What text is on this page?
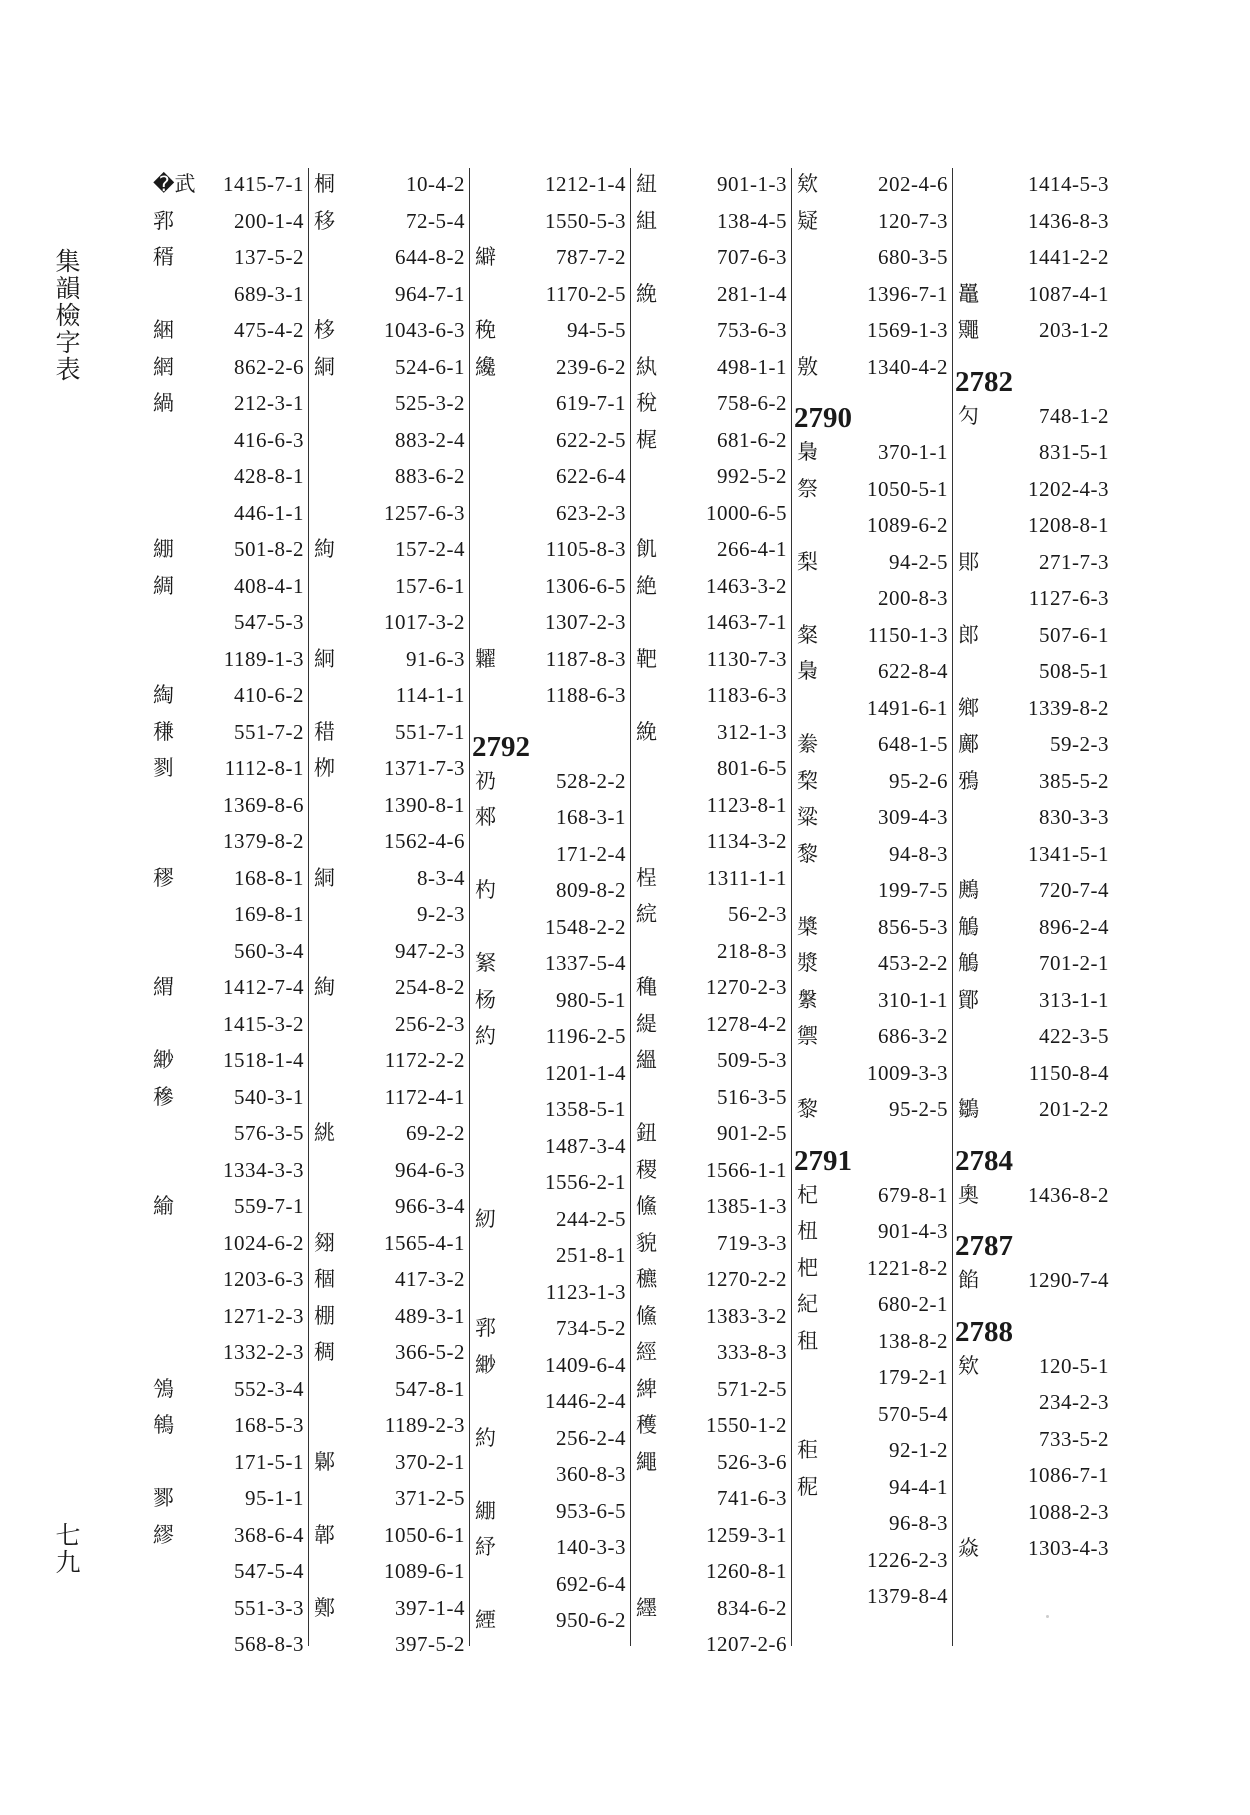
集
韻
檢
字
表
七
九
�武 1415-7-1
郛	200-1-4
稰	137-5-2
689-3-1
綑	475-4-2
網	862-2-6
緺	212-3-1
416-6-3
428-8-1
446-1-1
綳	501-8-2
綢	408-4-1
547-5-3
1189-1-3
綯	410-6-2
稴	551-7-2
剹 1112-8-1
1369-8-6
1379-8-2
穋	168-8-1
169-8-1
560-3-4
緭 1412-7-4
1415-3-2
緲 1518-1-4
穇	540-3-1
576-3-5
1334-3-3
緰	559-7-1
1024-6-2
1203-6-3
1271-2-3
1332-2-3
鳹	552-3-4
鴾	168-5-3
171-5-1
鄝	95-1-1
繆	368-6-4
547-5-4
551-3-3
568-8-3
桐	10-4-2
移	72-5-4
644-8-2
964-7-1
栘 1043-6-3
絧	524-6-1
525-3-2
883-2-4
883-6-2
1257-6-3
絇	157-2-4
157-6-1
1017-3-2
絅	91-6-3
114-1-1
稓	551-7-1
栁 1371-7-3
1390-8-1
1562-4-6
絧	8-3-4
9-2-3
947-2-3
絢	254-8-2
256-2-3
1172-2-2
1172-4-1
絩	69-2-2
964-6-3
966-3-4
翗 1565-4-1
稒	417-3-2
棚	489-3-1
稠	366-5-2
547-8-1
1189-2-3
鄡	370-2-1
371-2-5
郼 1050-6-1
1089-6-1
鄭	397-1-4
397-5-2
1212-1-4
1550-5-3
䌟	787-7-2
1170-2-5
䅋	94-5-5
纔	239-6-2
619-7-1
622-2-5
622-6-4
623-2-3
1105-8-3
1306-6-5
1307-2-3
糶 1187-8-3
1188-6-3
2792
礽	528-2-2
郲	168-3-1
171-2-4
杓	809-8-2
1548-2-2
䋈 1337-5-4
杨	980-5-1
約 1196-2-5
1201-1-4
1358-5-1
1487-3-4
1556-2-1
紉	244-2-5
251-8-1
1123-1-3
郛	734-5-2
緲 1409-6-4
1446-2-4
約	256-2-4
360-8-3
綳	953-6-5
紓	140-3-3
692-6-4
緸	950-6-2
紐	901-1-3
組	138-4-5
707-6-3
絻	281-1-4
753-6-3
紈	498-1-1
稅	758-6-2
梶	681-6-2
992-5-2
1000-6-5
飢	266-4-1
絶 1463-3-2
1463-7-1
靶 1130-7-3
1183-6-3
絻	312-1-3
801-6-5
1123-8-1
1134-3-2
桯 1311-1-1
綄	56-2-3
218-8-3
穐 1270-2-3
緹 1278-4-2
縕	509-5-3
516-3-5
鈕	901-2-5
稷 1566-1-1
鯈 1385-1-3
貌	719-3-3
穮 1270-2-2
鯈 1383-3-2
經	333-8-3
綼	571-2-5
穫 1550-1-2
繩	526-3-6
741-6-3
1259-3-1
1260-8-1
纆	834-6-2
1207-2-6
欸	202-4-6
疑	120-7-3
680-3-5
1396-7-1
1569-1-3
敫 1340-4-2
2790
梟	370-1-1
祭 1050-5-1
1089-6-2
梨	94-2-5
200-8-3
粲 1150-1-3
梟	622-8-4
1491-6-1
絭	648-1-5
棃	95-2-6
粱	309-4-3
黎	94-8-3
199-7-5
槳	856-5-3
漿	453-2-2
縏	310-1-1
禦	686-3-2
1009-3-3
黎	95-2-5
2791
杞	679-8-1
杻	901-4-3
杷 1221-8-2
紀	680-2-1
租	138-8-2
179-2-1
570-5-4
秬	92-1-2
秜	94-4-1
96-8-3
1226-2-3
1379-8-4
1414-5-3
1436-8-3
1441-2-2
鼉 1087-4-1
鼆	203-1-2
2782
勽	748-1-2
831-5-1
1202-4-3
1208-8-1
郥	271-7-3
1127-6-3
郎	507-6-1
508-5-1
鄉 1339-8-2
鄺	59-2-3
鴉	385-5-2
830-3-3
1341-5-1
鶊	720-7-4
鵤	896-2-4
鵤	701-2-1
鄮	313-1-1
422-3-5
1150-8-4
鶵	201-2-2
2784
奧 1436-8-2
2787
餡 1290-7-4
2788
欸	120-5-1
234-2-3
733-5-2
1086-7-1
1088-2-3
焱 1303-4-3
